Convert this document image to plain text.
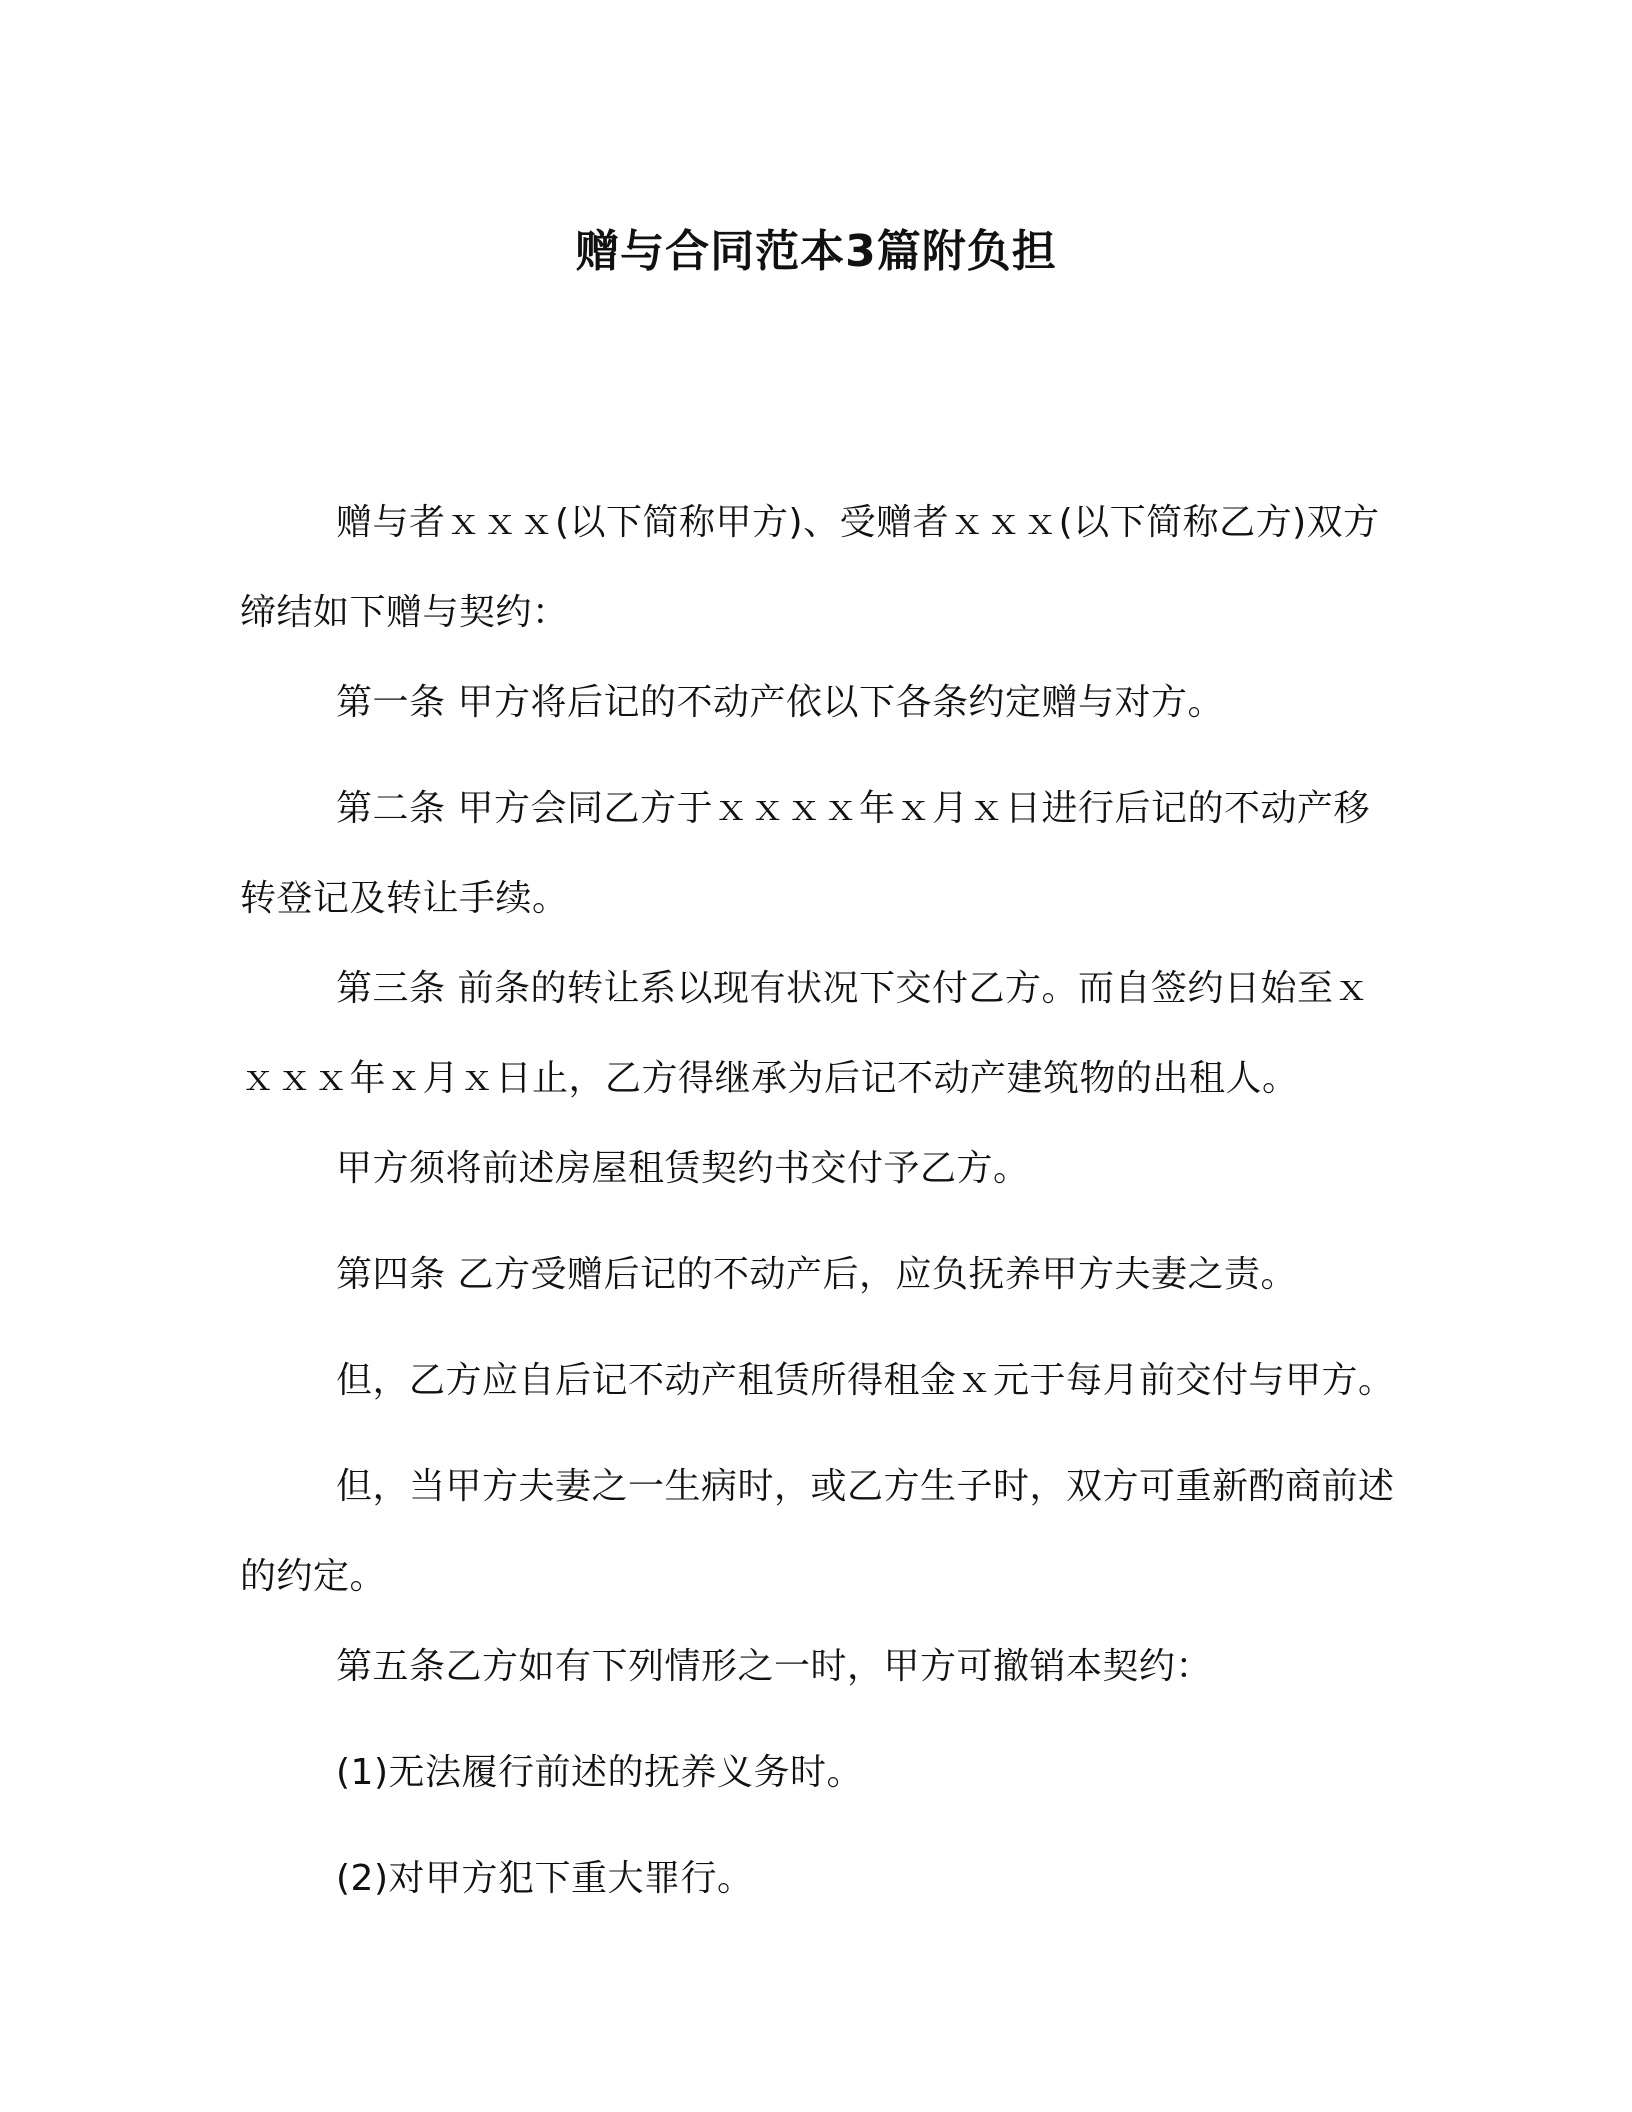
赠与合同范本3篇附负担

赠与者ｘｘｘ(以下简称甲方)、受赠者ｘｘｘ(以下简称乙方)双方缔结如下赠与契约：

第一条 甲方将后记的不动产依以下各条约定赠与对方。

第二条 甲方会同乙方于ｘｘｘｘ年ｘ月ｘ日进行后记的不动产移转登记及转让手续。

第三条 前条的转让系以现有状况下交付乙方。而自签约日始至ｘｘｘｘ年ｘ月ｘ日止，乙方得继承为后记不动产建筑物的出租人。

甲方须将前述房屋租赁契约书交付予乙方。

第四条 乙方受赠后记的不动产后，应负抚养甲方夫妻之责。

但，乙方应自后记不动产租赁所得租金ｘ元于每月前交付与甲方。

但，当甲方夫妻之一生病时，或乙方生子时，双方可重新酌商前述的约定。

第五条乙方如有下列情形之一时，甲方可撤销本契约：

(1)无法履行前述的抚养义务时。

(2)对甲方犯下重大罪行。
